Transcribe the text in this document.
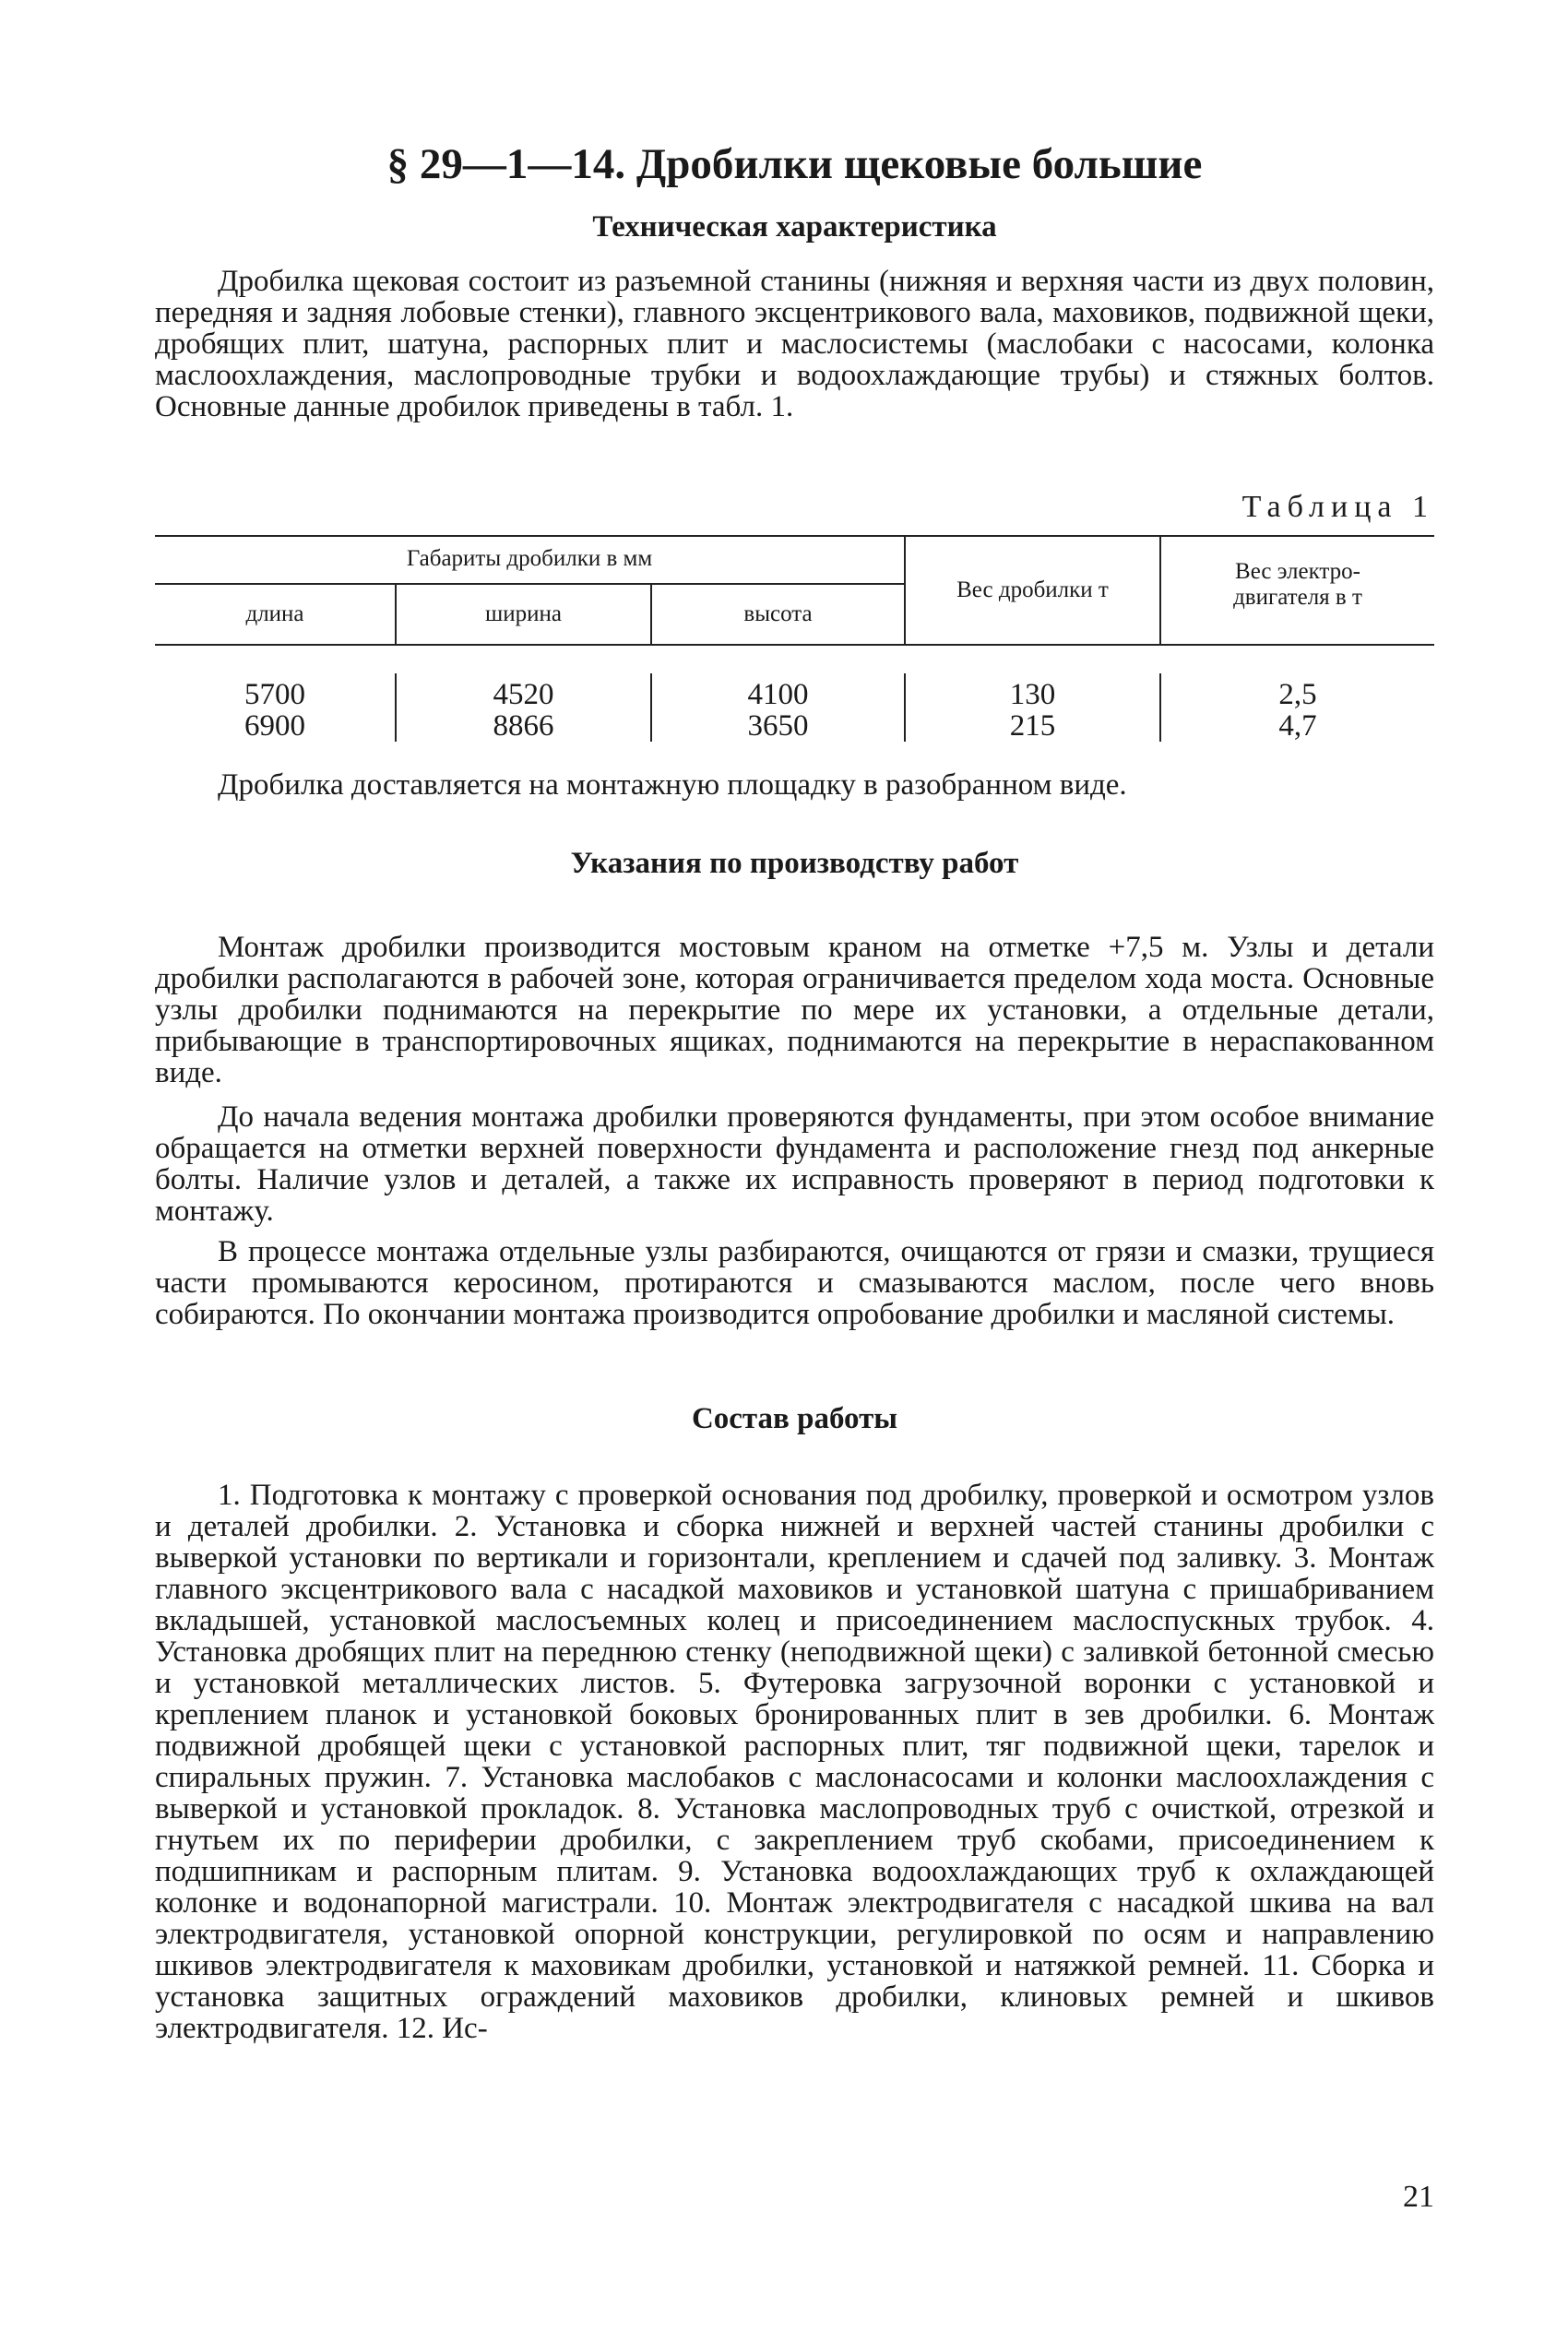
§ 29—1—14. Дробилки щековые большие
Техническая характеристика
Дробилка щековая состоит из разъемной станины (нижняя и верхняя части из двух половин, передняя и задняя лобовые стенки), главного эксцентрикового вала, маховиков, подвижной щеки, дробящих плит, шатуна, распорных плит и маслосистемы (маслобаки с насосами, колонка маслоохлаждения, маслопроводные трубки и водоохлаждающие трубы) и стяжных болтов. Основные данные дробилок приведены в табл. 1.
Таблица 1
Габариты дробилки в мм
длина	ширина	высота
Вес дробилки т
Вес электро-двигателя в т
5700	4520	4100	130	2,5
6900	8866	3650	215	4,7
Дробилка доставляется на монтажную площадку в разобранном виде.
Указания по производству работ
Монтаж дробилки производится мостовым краном на отметке +7,5 м. Узлы и детали дробилки располагаются в рабочей зоне, которая ограничивается пределом хода моста. Основные узлы дробилки поднимаются на перекрытие по мере их установки, а отдельные детали, прибывающие в транспортировочных ящиках, поднимаются на перекрытие в нераспакованном виде.
До начала ведения монтажа дробилки проверяются фундаменты, при этом особое внимание обращается на отметки верхней поверхности фундамента и расположение гнезд под анкерные болты. Наличие узлов и деталей, а также их исправность проверяют в период подготовки к монтажу.
В процессе монтажа отдельные узлы разбираются, очищаются от грязи и смазки, трущиеся части промываются керосином, протираются и смазываются маслом, после чего вновь собираются. По окончании монтажа производится опробование дробилки и масляной системы.
Состав работы
1. Подготовка к монтажу с проверкой основания под дробилку, проверкой и осмотром узлов и деталей дробилки. 2. Установка и сборка нижней и верхней частей станины дробилки с выверкой установки по вертикали и горизонтали, креплением и сдачей под заливку. 3. Монтаж главного эксцентрикового вала с насадкой маховиков и установкой шатуна с пришабриванием вкладышей, установкой маслосъемных колец и присоединением маслоспускных трубок. 4. Установка дробящих плит на переднюю стенку (неподвижной щеки) с заливкой бетонной смесью и установкой металлических листов. 5. Футеровка загрузочной воронки с установкой и креплением планок и установкой боковых бронированных плит в зев дробилки. 6. Монтаж подвижной дробящей щеки с установкой распорных плит, тяг подвижной щеки, тарелок и спиральных пружин. 7. Установка маслобаков с маслонасосами и колонки маслоохлаждения с выверкой и установкой прокладок. 8. Установка маслопроводных труб с очисткой, отрезкой и гнутьем их по периферии дробилки, с закреплением труб скобами, присоединением к подшипникам и распорным плитам. 9. Установка водоохлаждающих труб к охлаждающей колонке и водонапорной магистрали. 10. Монтаж электродвигателя с насадкой шкива на вал электродвигателя, установкой опорной конструкции, регулировкой по осям и направлению шкивов электродвигателя к маховикам дробилки, установкой и натяжкой ремней. 11. Сборка и установка защитных ограждений маховиков дробилки, клиновых ремней и шкивов электродвигателя. 12. Ис-
21
